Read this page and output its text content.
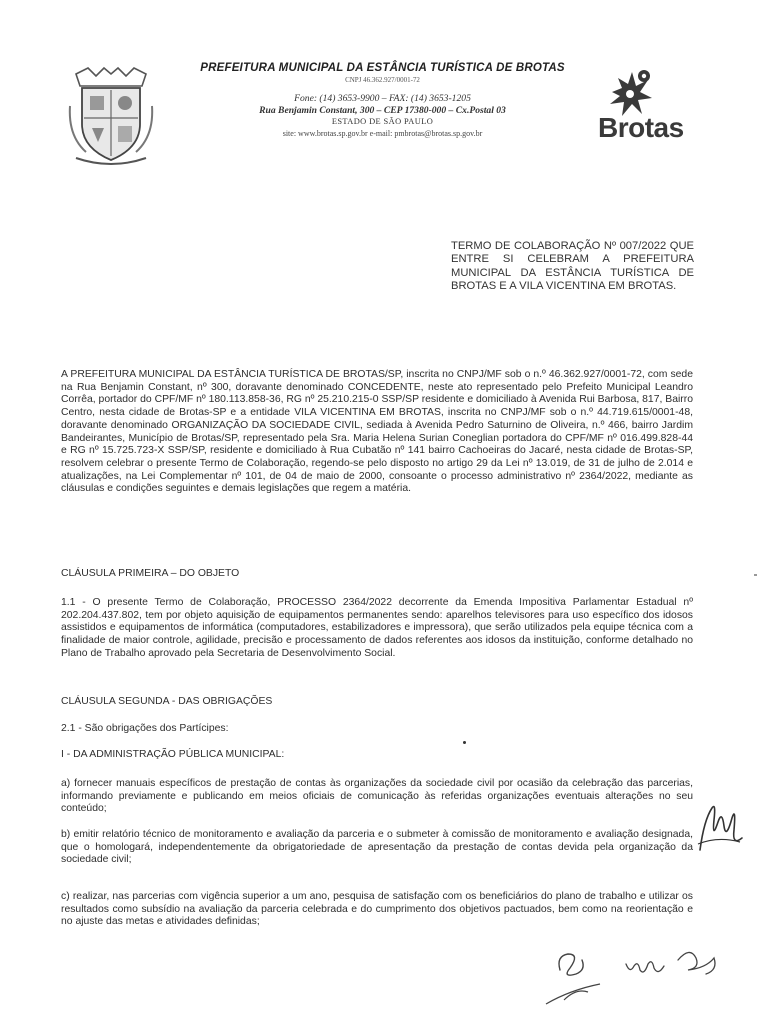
PREFEITURA MUNICIPAL DA ESTÂNCIA TURÍSTICA DE BROTAS
CNPJ 46.362.927/0001-72
Fone: (14) 3653-9900 – FAX: (14) 3653-1205
Rua Benjamin Constant, 300 – CEP 17380-000 – Cx.Postal 03
ESTADO DE SÃO PAULO
site: www.brotas.sp.gov.br e-mail: pmbrotas@brotas.sp.gov.br	Brotas
TERMO DE COLABORAÇÃO Nº 007/2022 QUE ENTRE SI CELEBRAM A PREFEITURA MUNICIPAL DA ESTÂNCIA TURÍSTICA DE BROTAS E A VILA VICENTINA EM BROTAS.
A PREFEITURA MUNICIPAL DA ESTÂNCIA TURÍSTICA DE BROTAS/SP, inscrita no CNPJ/MF sob o n.º 46.362.927/0001-72, com sede na Rua Benjamin Constant, nº 300, doravante denominado CONCEDENTE, neste ato representado pelo Prefeito Municipal Leandro Corrêa, portador do CPF/MF nº 180.113.858-36, RG nº 25.210.215-0 SSP/SP residente e domiciliado à Avenida Rui Barbosa, 817, Bairro Centro, nesta cidade de Brotas-SP e a entidade VILA VICENTINA EM BROTAS, inscrita no CNPJ/MF sob o n.º 44.719.615/0001-48, doravante denominado ORGANIZAÇÃO DA SOCIEDADE CIVIL, sediada à Avenida Pedro Saturnino de Oliveira, n.º 466, bairro Jardim Bandeirantes, Município de Brotas/SP, representado pela Sra. Maria Helena Surian Coneglian portadora do CPF/MF nº 016.499.828-44 e RG nº 15.725.723-X SSP/SP, residente e domiciliado à Rua Cubatão nº 141 bairro Cachoeiras do Jacaré, nesta cidade de Brotas-SP, resolvem celebrar o presente Termo de Colaboração, regendo-se pelo disposto no artigo 29 da Lei nº 13.019, de 31 de julho de 2.014 e atualizações, na Lei Complementar nº 101, de 04 de maio de 2000, consoante o processo administrativo nº 2364/2022, mediante as cláusulas e condições seguintes e demais legislações que regem a matéria.
CLÁUSULA PRIMEIRA – DO OBJETO
1.1 - O presente Termo de Colaboração, PROCESSO 2364/2022 decorrente da Emenda Impositiva Parlamentar Estadual nº 202.204.437.802, tem por objeto aquisição de equipamentos permanentes sendo: aparelhos televisores para uso específico dos idosos assistidos e equipamentos de informática (computadores, estabilizadores e impressora), que serão utilizados pela equipe técnica com a finalidade de maior controle, agilidade, precisão e processamento de dados referentes aos idosos da instituição, conforme detalhado no Plano de Trabalho aprovado pela Secretaria de Desenvolvimento Social.
CLÁUSULA SEGUNDA - DAS OBRIGAÇÕES
2.1 - São obrigações dos Partícipes:
I - DA ADMINISTRAÇÃO PÚBLICA MUNICIPAL:
a) fornecer manuais específicos de prestação de contas às organizações da sociedade civil por ocasião da celebração das parcerias, informando previamente e publicando em meios oficiais de comunicação às referidas organizações eventuais alterações no seu conteúdo;
b) emitir relatório técnico de monitoramento e avaliação da parceria e o submeter à comissão de monitoramento e avaliação designada, que o homologará, independentemente da obrigatoriedade de apresentação da prestação de contas devida pela organização da sociedade civil;
c) realizar, nas parcerias com vigência superior a um ano, pesquisa de satisfação com os beneficiários do plano de trabalho e utilizar os resultados como subsídio na avaliação da parceria celebrada e do cumprimento dos objetivos pactuados, bem como na reorientação e no ajuste das metas e atividades definidas;
